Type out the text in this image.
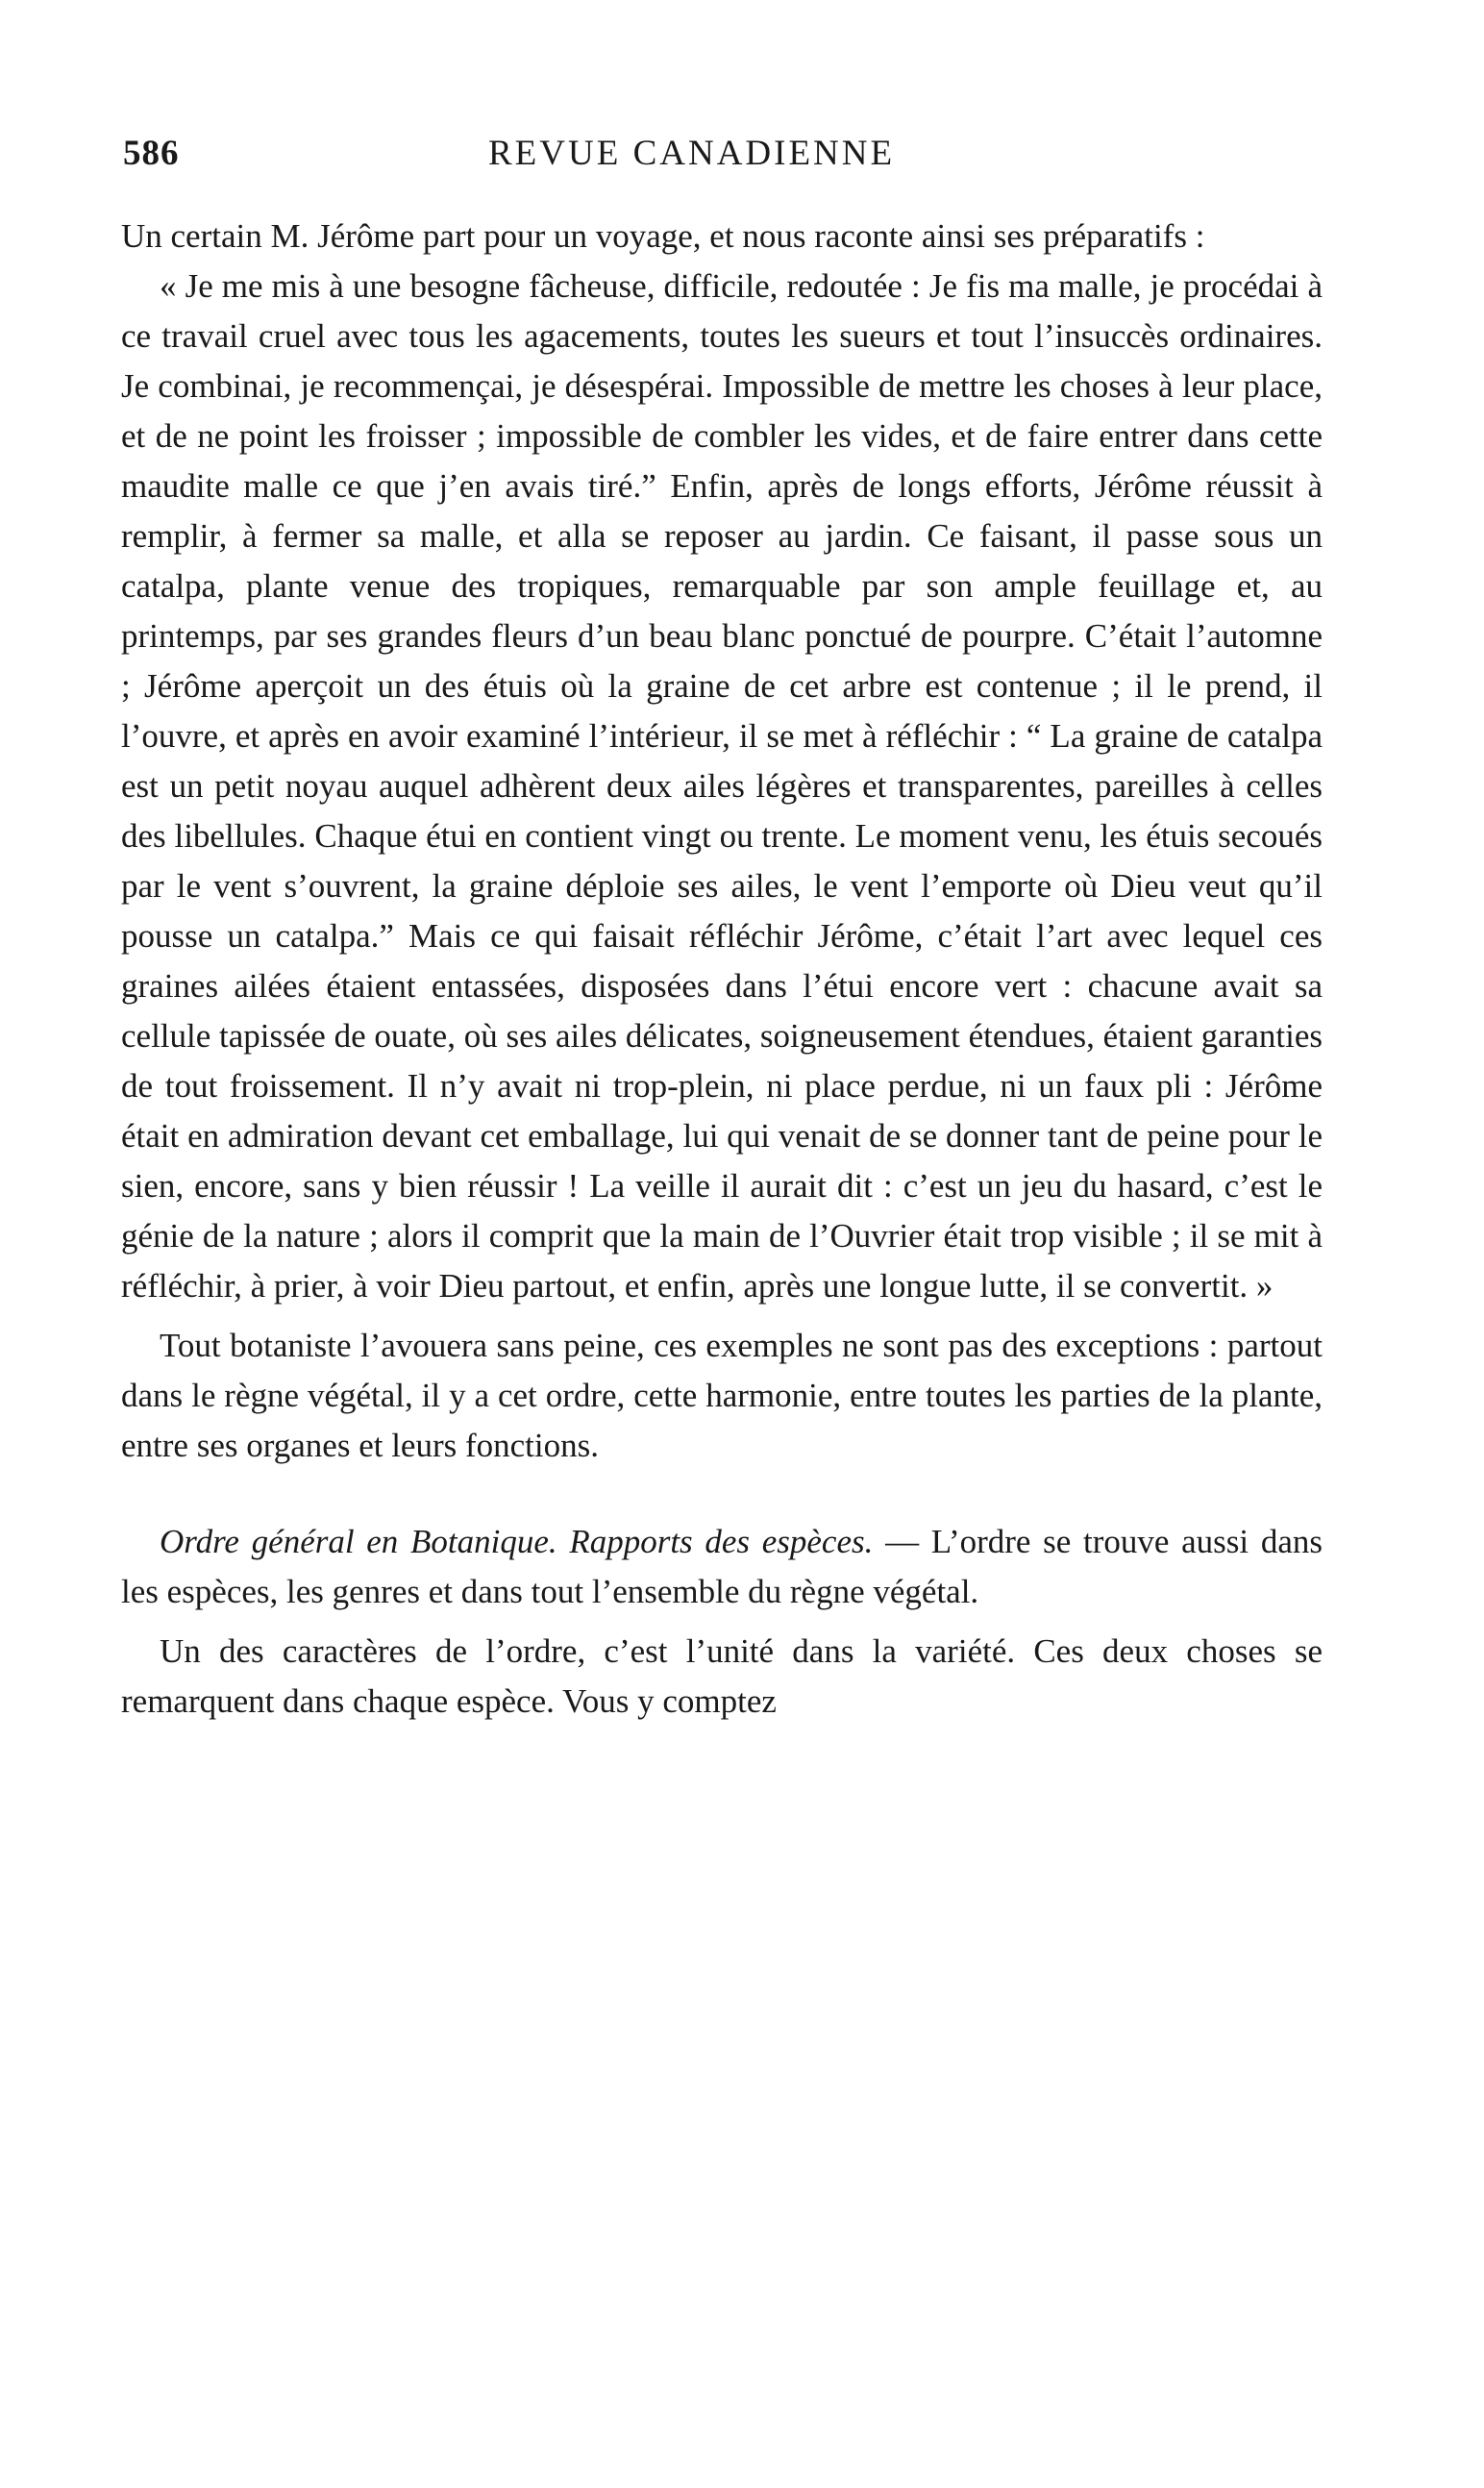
586	REVUE CANADIENNE

Un certain M. Jérôme part pour un voyage, et nous raconte ainsi ses préparatifs :

« Je me mis à une besogne fâcheuse, difficile, redoutée : Je fis ma malle, je procédai à ce travail cruel avec tous les agacements, toutes les sueurs et tout l’insuccès ordinaires. Je combinai, je recommençai, je désespérai. Impossible de mettre les choses à leur place, et de ne point les froisser ; impossible de combler les vides, et de faire entrer dans cette maudite malle ce que j’en avais tiré.” Enfin, après de longs efforts, Jérôme réussit à remplir, à fermer sa malle, et alla se reposer au jardin. Ce faisant, il passe sous un catalpa, plante venue des tropiques, remarquable par son ample feuillage et, au printemps, par ses grandes fleurs d’un beau blanc ponctué de pourpre. C’était l’automne ; Jérôme aperçoit un des étuis où la graine de cet arbre est contenue ; il le prend, il l’ouvre, et après en avoir examiné l’intérieur, il se met à réfléchir : “ La graine de catalpa est un petit noyau auquel adhèrent deux ailes légères et transparentes, pareilles à celles des libellules. Chaque étui en contient vingt ou trente. Le moment venu, les étuis secoués par le vent s’ouvrent, la graine déploie ses ailes, le vent l’emporte où Dieu veut qu’il pousse un catalpa.” Mais ce qui faisait réfléchir Jérôme, c’était l’art avec lequel ces graines ailées étaient entassées, disposées dans l’étui encore vert : chacune avait sa cellule tapissée de ouate, où ses ailes délicates, soigneusement étendues, étaient garanties de tout froissement. Il n’y avait ni trop-plein, ni place perdue, ni un faux pli : Jérôme était en admiration devant cet emballage, lui qui venait de se donner tant de peine pour le sien, encore, sans y bien réussir ! La veille il aurait dit : c’est un jeu du hasard, c’est le génie de la nature ; alors il comprit que la main de l’Ouvrier était trop visible ; il se mit à réfléchir, à prier, à voir Dieu partout, et enfin, après une longue lutte, il se convertit. »

Tout botaniste l’avouera sans peine, ces exemples ne sont pas des exceptions : partout dans le règne végétal, il y a cet ordre, cette harmonie, entre toutes les parties de la plante, entre ses organes et leurs fonctions.

Ordre général en Botanique. Rapports des espèces. — L’ordre se trouve aussi dans les espèces, les genres et dans tout l’ensemble du règne végétal.

Un des caractères de l’ordre, c’est l’unité dans la variété. Ces deux choses se remarquent dans chaque espèce. Vous y comptez
